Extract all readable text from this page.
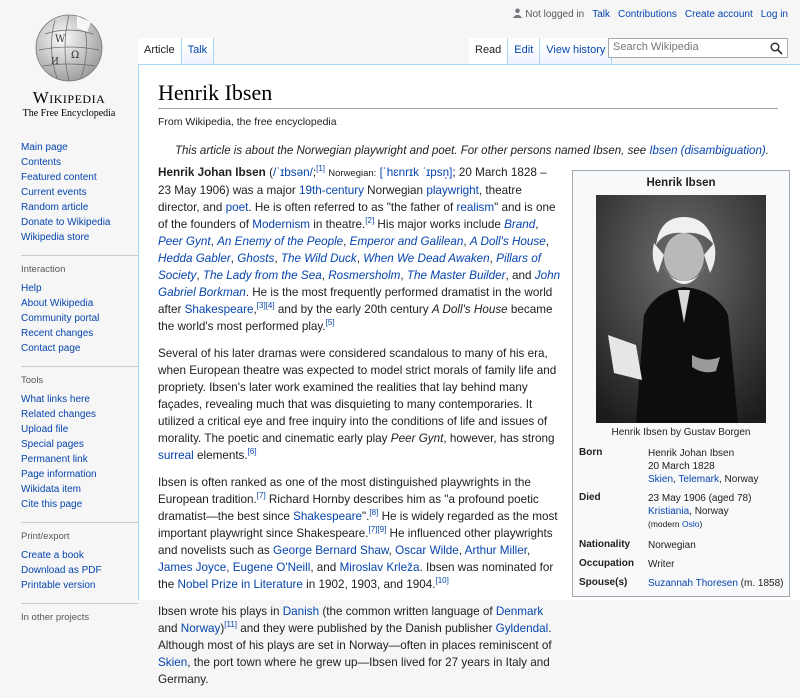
W
Ω
И
Wikipedia
The Free Encyclopedia
Not logged in Talk Contributions Create account Log in
Article	Talk	Read	Edit	View history
Search Wikipedia
Main page
Contents
Featured content
Current events
Random article
Donate to Wikipedia
Wikipedia store
Interaction
Help
About Wikipedia
Community portal
Recent changes
Contact page
Tools
What links here
Related changes
Upload file
Special pages
Permanent link
Page information
Wikidata item
Cite this page
Print/export
Create a book
Download as PDF
Printable version
In other projects
Henrik Ibsen
From Wikipedia, the free encyclopedia
This article is about the Norwegian playwright and poet. For other persons named Ibsen, see Ibsen (disambiguation).

Henrik Johan Ibsen (/ˈɪbsən/;[1] Norwegian: [ˈhɛnrɪk ˈɪpsn̩]; 20 March 1828 – 23 May 1906) was a major 19th-century Norwegian playwright, theatre director, and poet. He is often referred to as "the father of realism" and is one of the founders of Modernism in theatre.[2] His major works include Brand, Peer Gynt, An Enemy of the People, Emperor and Galilean, A Doll's House, Hedda Gabler, Ghosts, The Wild Duck, When We Dead Awaken, Pillars of Society, The Lady from the Sea, Rosmersholm, The Master Builder, and John Gabriel Borkman. He is the most frequently performed dramatist in the world after Shakespeare,[3][4] and by the early 20th century A Doll's House became the world's most performed play.[5]

Several of his later dramas were considered scandalous to many of his era, when European theatre was expected to model strict morals of family life and propriety. Ibsen's later work examined the realities that lay behind many façades, revealing much that was disquieting to many contemporaries. It utilized a critical eye and free inquiry into the conditions of life and issues of morality. The poetic and cinematic early play Peer Gynt, however, has strong surreal elements.[6]

Ibsen is often ranked as one of the most distinguished playwrights in the European tradition.[7] Richard Hornby describes him as "a profound poetic dramatist—the best since Shakespeare".[8] He is widely regarded as the most important playwright since Shakespeare.[7][9] He influenced other playwrights and novelists such as George Bernard Shaw, Oscar Wilde, Arthur Miller, James Joyce, Eugene O'Neill, and Miroslav Krleža. Ibsen was nominated for the Nobel Prize in Literature in 1902, 1903, and 1904.[10]

Ibsen wrote his plays in Danish (the common written language of Denmark and Norway)[11] and they were published by the Danish publisher Gyldendal. Although most of his plays are set in Norway—often in places reminiscent of Skien, the port town where he grew up—Ibsen lived for 27 years in Italy and Germany.

Henrik Ibsen
Henrik Ibsen by Gustav Borgen
Born	Henrik Johan Ibsen
20 March 1828
Skien, Telemark, Norway
Died	23 May 1906 (aged 78)
Kristiania, Norway
(modern Oslo)
Nationality	Norwegian
Occupation	Writer
Spouse(s)	Suzannah Thoresen (m. 1858)
